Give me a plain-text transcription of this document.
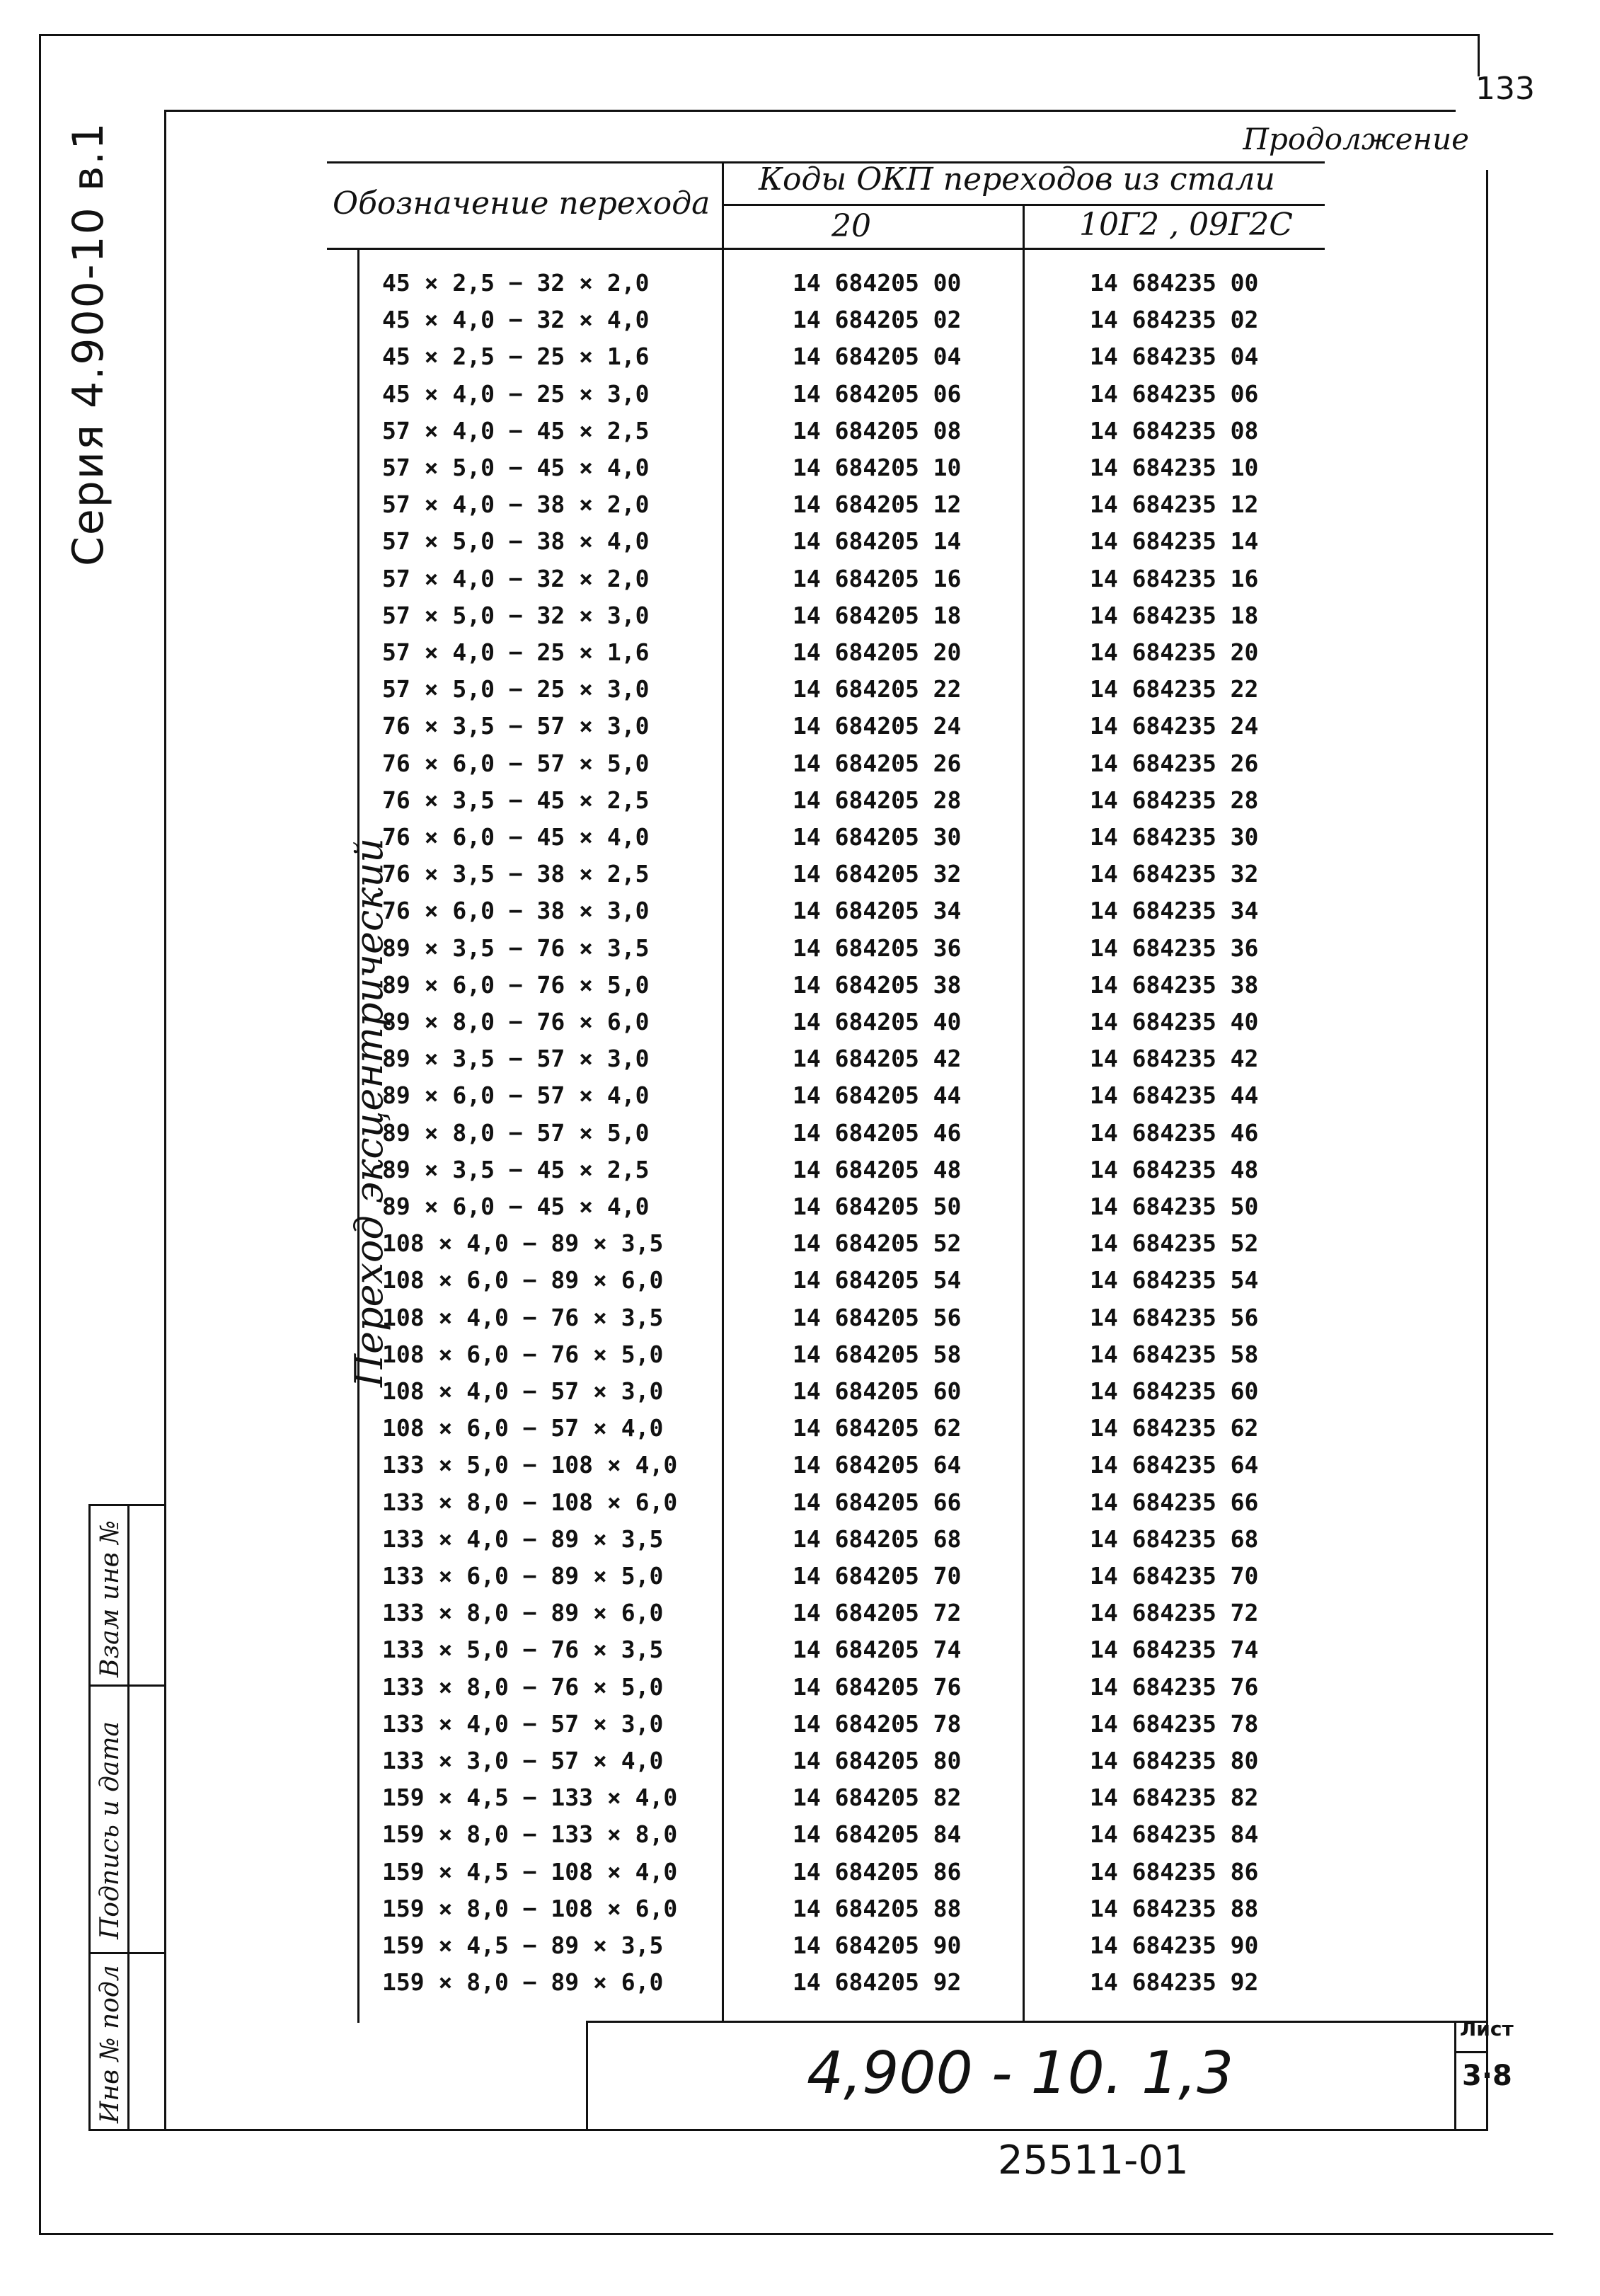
133
Продолжение
Серия 4.900-10 в.1
Взам инв №
Подпись и дата
Инв № подл
Обозначение перехода
Коды ОКП переходов из стали
20	10Г2 , 09Г2С
Переход эксцентрический
45 × 2,5 − 32 × 2,0	14 684205 00	14 684235 00
45 × 4,0 − 32 × 4,0	14 684205 02	14 684235 02
45 × 2,5 − 25 × 1,6	14 684205 04	14 684235 04
45 × 4,0 − 25 × 3,0	14 684205 06	14 684235 06
57 × 4,0 − 45 × 2,5	14 684205 08	14 684235 08
57 × 5,0 − 45 × 4,0	14 684205 10	14 684235 10
57 × 4,0 − 38 × 2,0	14 684205 12	14 684235 12
57 × 5,0 − 38 × 4,0	14 684205 14	14 684235 14
57 × 4,0 − 32 × 2,0	14 684205 16	14 684235 16
57 × 5,0 − 32 × 3,0	14 684205 18	14 684235 18
57 × 4,0 − 25 × 1,6	14 684205 20	14 684235 20
57 × 5,0 − 25 × 3,0	14 684205 22	14 684235 22
76 × 3,5 − 57 × 3,0	14 684205 24	14 684235 24
76 × 6,0 − 57 × 5,0	14 684205 26	14 684235 26
76 × 3,5 − 45 × 2,5	14 684205 28	14 684235 28
76 × 6,0 − 45 × 4,0	14 684205 30	14 684235 30
76 × 3,5 − 38 × 2,5	14 684205 32	14 684235 32
76 × 6,0 − 38 × 3,0	14 684205 34	14 684235 34
89 × 3,5 − 76 × 3,5	14 684205 36	14 684235 36
89 × 6,0 − 76 × 5,0	14 684205 38	14 684235 38
89 × 8,0 − 76 × 6,0	14 684205 40	14 684235 40
89 × 3,5 − 57 × 3,0	14 684205 42	14 684235 42
89 × 6,0 − 57 × 4,0	14 684205 44	14 684235 44
89 × 8,0 − 57 × 5,0	14 684205 46	14 684235 46
89 × 3,5 − 45 × 2,5	14 684205 48	14 684235 48
89 × 6,0 − 45 × 4,0	14 684205 50	14 684235 50
108 × 4,0 − 89 × 3,5	14 684205 52	14 684235 52
108 × 6,0 − 89 × 6,0	14 684205 54	14 684235 54
108 × 4,0 − 76 × 3,5	14 684205 56	14 684235 56
108 × 6,0 − 76 × 5,0	14 684205 58	14 684235 58
108 × 4,0 − 57 × 3,0	14 684205 60	14 684235 60
108 × 6,0 − 57 × 4,0	14 684205 62	14 684235 62
133 × 5,0 − 108 × 4,0	14 684205 64	14 684235 64
133 × 8,0 − 108 × 6,0	14 684205 66	14 684235 66
133 × 4,0 − 89 × 3,5	14 684205 68	14 684235 68
133 × 6,0 − 89 × 5,0	14 684205 70	14 684235 70
133 × 8,0 − 89 × 6,0	14 684205 72	14 684235 72
133 × 5,0 − 76 × 3,5	14 684205 74	14 684235 74
133 × 8,0 − 76 × 5,0	14 684205 76	14 684235 76
133 × 4,0 − 57 × 3,0	14 684205 78	14 684235 78
133 × 3,0 − 57 × 4,0	14 684205 80	14 684235 80
159 × 4,5 − 133 × 4,0	14 684205 82	14 684235 82
159 × 8,0 − 133 × 8,0	14 684205 84	14 684235 84
159 × 4,5 − 108 × 4,0	14 684205 86	14 684235 86
159 × 8,0 − 108 × 6,0	14 684205 88	14 684235 88
159 × 4,5 − 89 × 3,5	14 684205 90	14 684235 90
159 × 8,0 − 89 × 6,0	14 684205 92	14 684235 92
4,900 - 10. 1,3
Лист
3·8
25511-01
